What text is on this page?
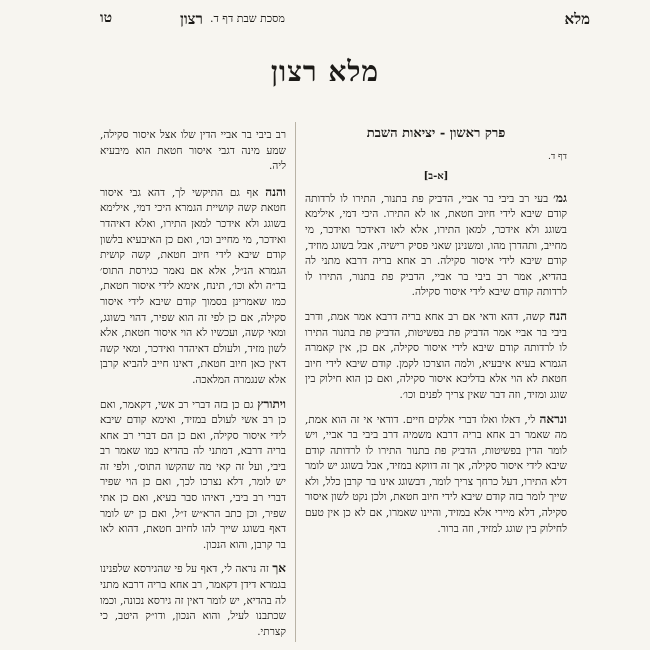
מלא
מסכת שבת דף ד.
רצון
טו
מלא רצון
פרק ראשון - יציאות השבת
דף ד.
[א-ב]

גמ׳ בעי רב ביבי בר אביי, הדביק פת בתנור, התירו לו לרדותה קודם שיבא לידי חיוב חטאת, או לא התירו. היכי דמי, אילימא בשוגג ולא אידכר, למאן התירו, אלא לאו דאידכר ואידכר, מי מחייב, ותהדרן מהו, ומשנינן שאני פסיק רישיה, אבל בשוגג מוזיד, קודם שיבא לידי איסור סקילה. רב אחא בריה דרבא מתני לה בהדיא, אמר רב ביבי בר אביי, הדביק פת בתנור, התירו לו לרדותה קודם שיבא לידי איסור סקילה.

הנה קשה, דהא ודאי אם רב אחא בריה דרבא אמר אמת, ודרב ביבי בר אביי אמר הדביק פת בפשיטות, הדביק פת בתנור התירו לו לרדותה קודם שיבא לידי איסור סקילה, אם כן, אין קאמרה הגמרא בעיא איבעיא, ולמה הוצרכו לקמן. קודם שיבא לידי חיוב חטאת לא הוי אלא בדליכא איסור סקילה, ואם כן הוא חילוק בין שוגג ומזיד, וזה דבר שאין צריך לפנים וכו׳.

ונראה לי, דאלו ואלו דברי אלקים חיים. דודאי אי זה הוא אמת, מה שאמר רב אחא בריה דרבא משמיה דרב ביבי בר אביי, ויש לומר הדין בפשיטות, הדביק פת בתנור התירו לו לרדותה קודם שיבא לידי איסור סקילה, אך זה דווקא במזיד, אבל בשוגג יש לומר דלא התירו, דעל כרחך צריך לומר, דבשוגג אינו בר קרבן כלל, ולא שייך לומר בזה קודם שיבא לידי חיוב חטאת, ולכן נקט לשון איסור סקילה, דלא מיירי אלא במזיד, והיינו שאמרו, אם לא כן אין טעם לחילוק בין שוגג למזיד, וזה ברור.

רב ביבי בר אביי הדין שלו אצל איסור סקילה, שמע מינה דגבי איסור חטאת הוא מיבעיא ליה.

והנה אף גם התיקשי לך, דהא גבי איסור חטאת קשה קושיית הגמרא היכי דמי, אילימא בשוגג ולא אידכר למאן התירו, ואלא דאיהדר ואידכר, מי מחייב וכו׳, ואם כן האיבעיא בלשון קודם שיבא לידי חיוב חטאת, קשה קושית הגמרא הנ״ל, אלא אם נאמר כגירסת התוס׳ בד״ה ולא וכו׳, תינח, אימא לידי איסור חטאת, כמו שאמרינן בסמוך קודם שיבא לידי איסור סקילה, אם כן לפי זה הוא שפיר, דהוי בשוגג, ומאי קשה, ועכשיו לא הוי איסור חטאת, אלא לשון מזיד, ולעולם דאיהדר ואידכר, ומאי קשה דאין כאן חיוב חטאת, דאינו חייב להביא קרבן אלא שנגמרה המלאכה.

ויתורץ גם כן בזה דברי רב אשי, דקאמר, ואם כן רב אשי לעולם במזיד, ואימא קודם שיבא לידי איסור סקילה, ואם כן הם דברי רב אחא בריה דרבא, דמתני לה בהדיא כמו שאמר רב ביבי, ועל זה קאי מה שהקשו התוס׳, ולפי זה יש לומר, דלא נצרכו לכך, ואם כן הוי שפיר דברי רב ביבי, דאיהו סבר בעיא, ואם כן אתי שפיר, וכן כתב הרא״ש ז״ל, ואם כן יש לומר דאף בשוגג שייך להו לחיוב חטאת, דהוא לאו בר קרבן, והוא הנכון.

אך זה נראה לי, דאף על פי שהגירסא שלפנינו בגמרא דידן דקאמר, רב אחא בריה דרבא מתני לה בהדיא, יש לומר דאין זה גירסא נכונה, וכמו שכתבנו לעיל, והוא הנכון, ודו״ק היטב, כי קצרתי.
